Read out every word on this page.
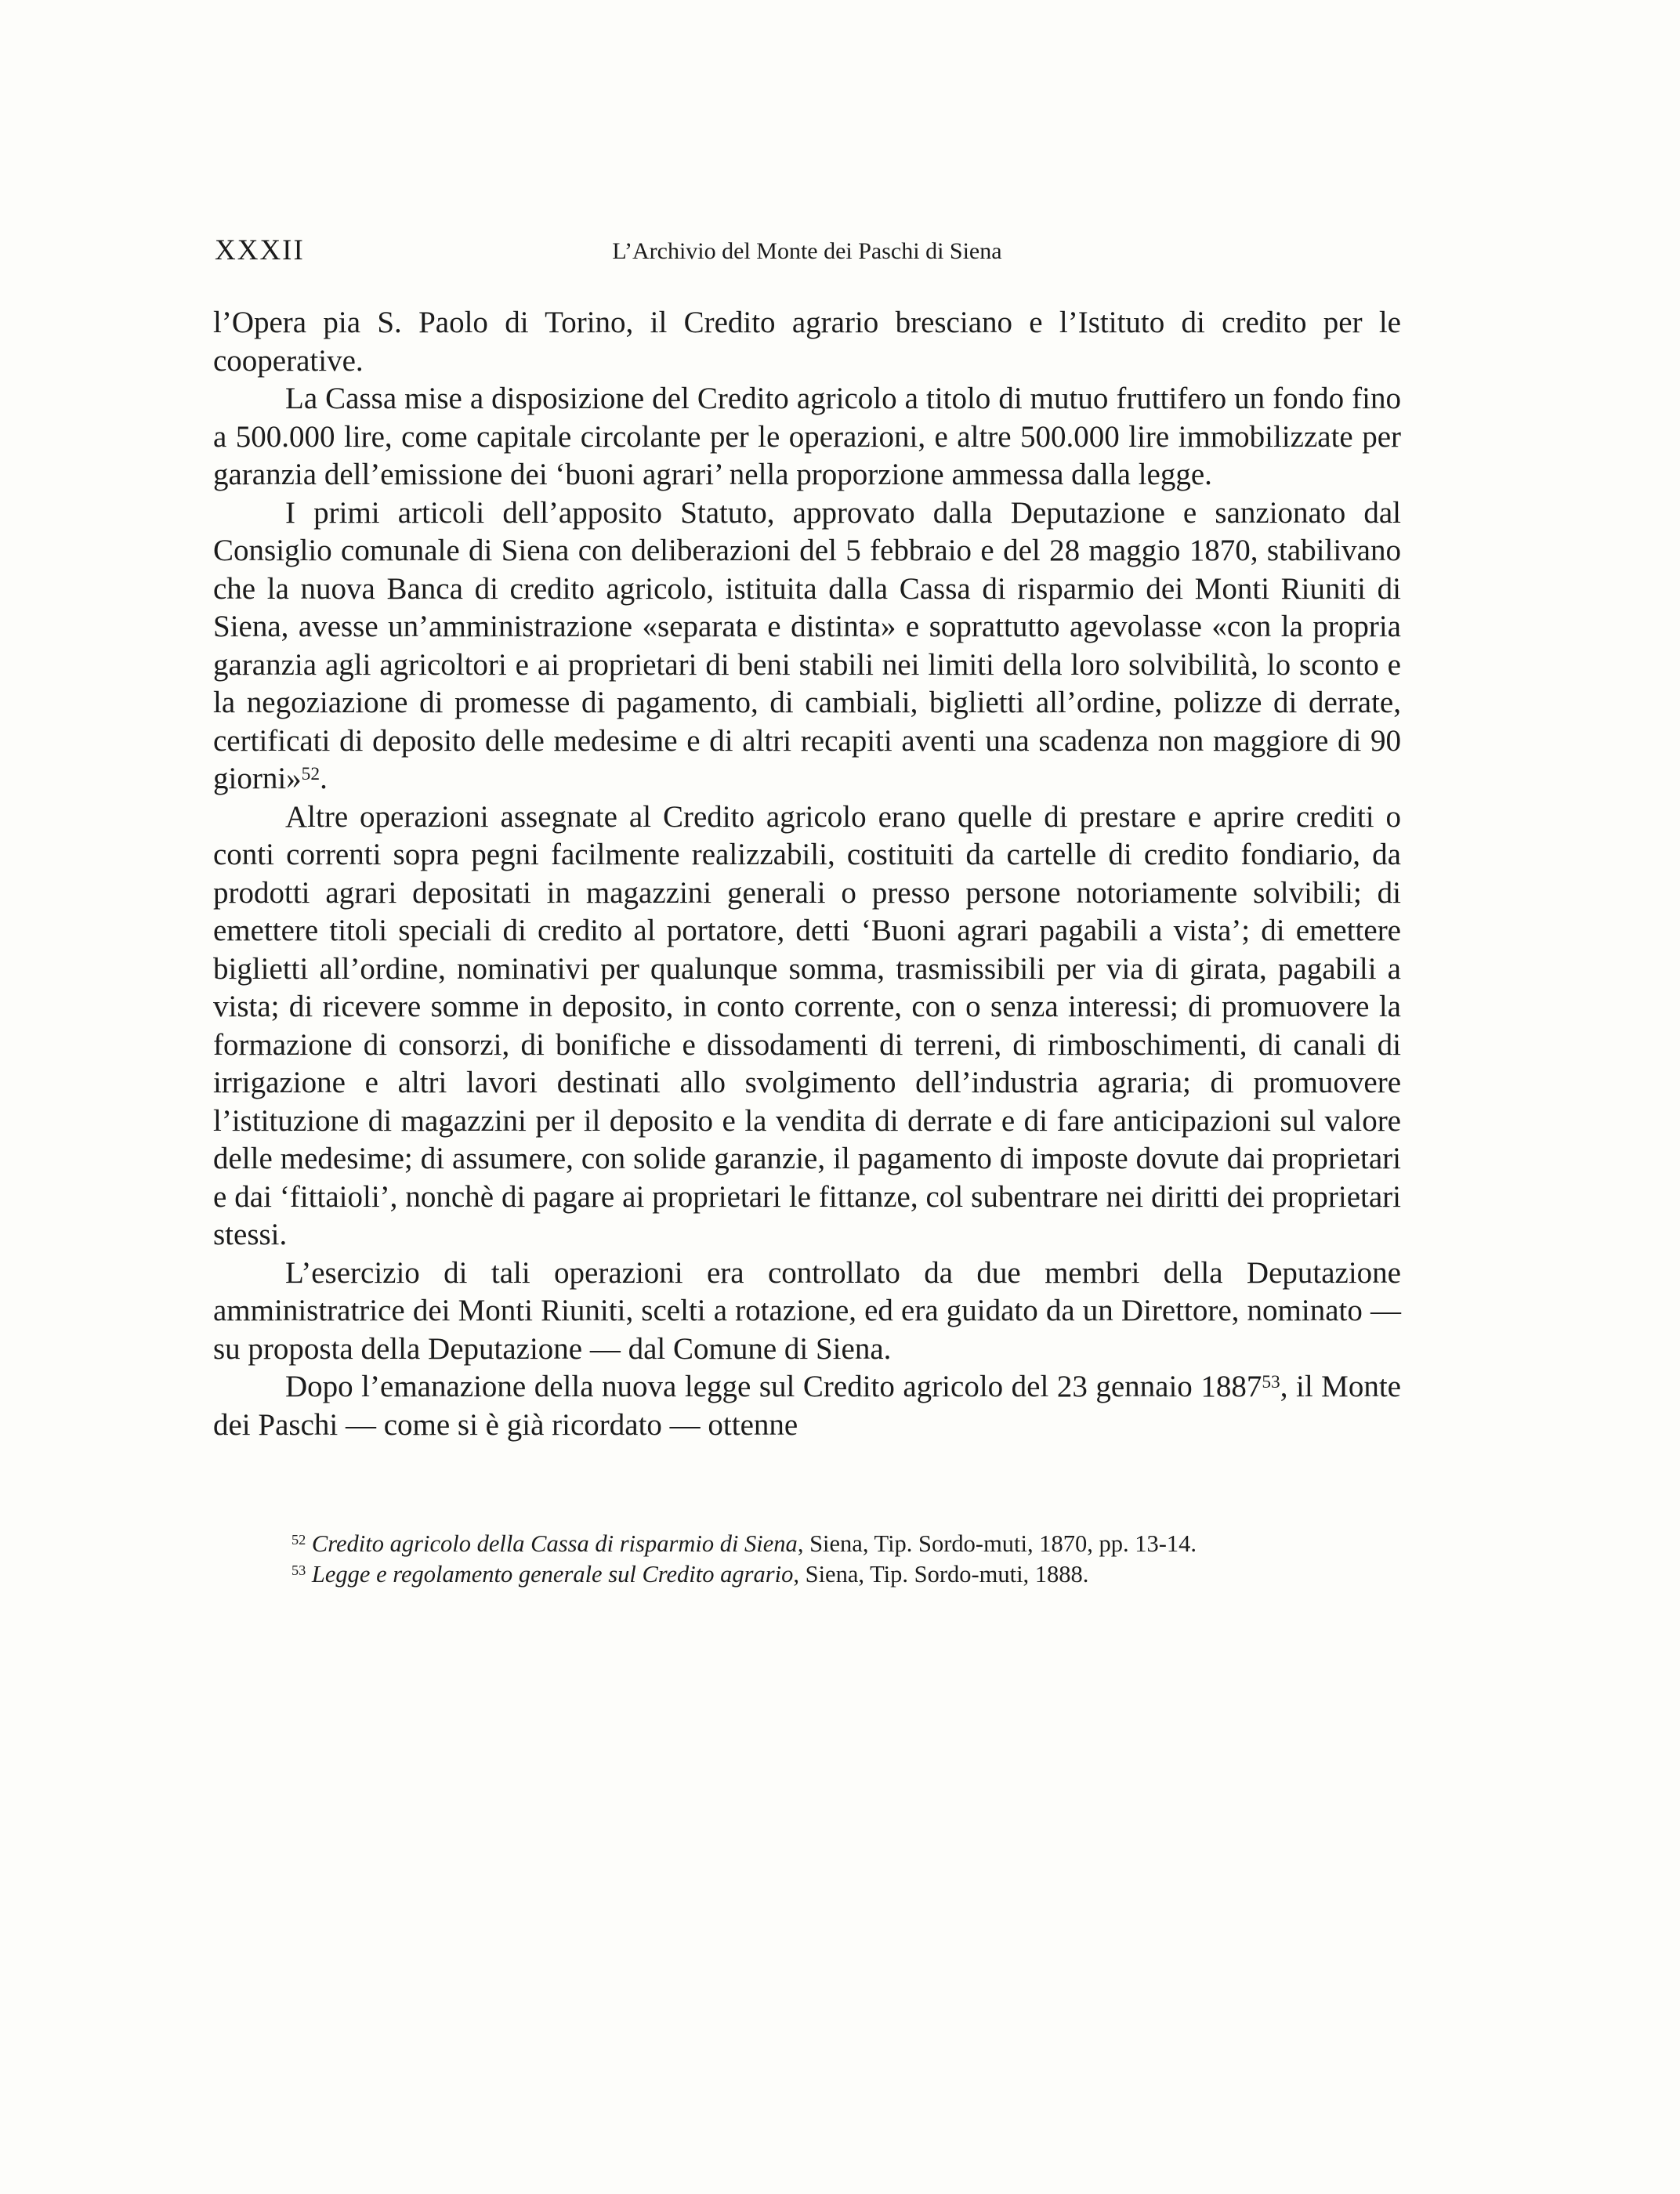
XXXII	L’Archivio del Monte dei Paschi di Siena

l’Opera pia S. Paolo di Torino, il Credito agrario bresciano e l’Istituto di credito per le cooperative.

La Cassa mise a disposizione del Credito agricolo a titolo di mutuo fruttifero un fondo fino a 500.000 lire, come capitale circolante per le operazioni, e altre 500.000 lire immobilizzate per garanzia dell’emissione dei ‘buoni agrari’ nella proporzione ammessa dalla legge.

I primi articoli dell’apposito Statuto, approvato dalla Deputazione e sanzionato dal Consiglio comunale di Siena con deliberazioni del 5 febbraio e del 28 maggio 1870, stabilivano che la nuova Banca di credito agricolo, istituita dalla Cassa di risparmio dei Monti Riuniti di Siena, avesse un’amministrazione «separata e distinta» e soprattutto agevolasse «con la propria garanzia agli agricoltori e ai proprietari di beni stabili nei limiti della loro solvibilità, lo sconto e la negoziazione di promesse di pagamento, di cambiali, biglietti all’ordine, polizze di derrate, certificati di deposito delle medesime e di altri recapiti aventi una scadenza non maggiore di 90 giorni»$^{52}$.

Altre operazioni assegnate al Credito agricolo erano quelle di prestare e aprire crediti o conti correnti sopra pegni facilmente realizzabili, costituiti da cartelle di credito fondiario, da prodotti agrari depositati in magazzini generali o presso persone notoriamente solvibili; di emettere titoli speciali di credito al portatore, detti ‘Buoni agrari pagabili a vista’; di emettere biglietti all’ordine, nominativi per qualunque somma, trasmissibili per via di girata, pagabili a vista; di ricevere somme in deposito, in conto corrente, con o senza interessi; di promuovere la formazione di consorzi, di bonifiche e dissodamenti di terreni, di rimboschimenti, di canali di irrigazione e altri lavori destinati allo svolgimento dell’industria agraria; di promuovere l’istituzione di magazzini per il deposito e la vendita di derrate e di fare anticipazioni sul valore delle medesime; di assumere, con solide garanzie, il pagamento di imposte dovute dai proprietari e dai ‘fittaioli’, nonchè di pagare ai proprietari le fittanze, col subentrare nei diritti dei proprietari stessi.

L’esercizio di tali operazioni era controllato da due membri della Deputazione amministratrice dei Monti Riuniti, scelti a rotazione, ed era guidato da un Direttore, nominato — su proposta della Deputazione — dal Comune di Siena.

Dopo l’emanazione della nuova legge sul Credito agricolo del 23 gennaio 1887$^{53}$, il Monte dei Paschi — come si è già ricordato — ottenne

$^{52}$ Credito agricolo della Cassa di risparmio di Siena, Siena, Tip. Sordo-muti, 1870, pp. 13-14.

$^{53}$ Legge e regolamento generale sul Credito agrario, Siena, Tip. Sordo-muti, 1888.
